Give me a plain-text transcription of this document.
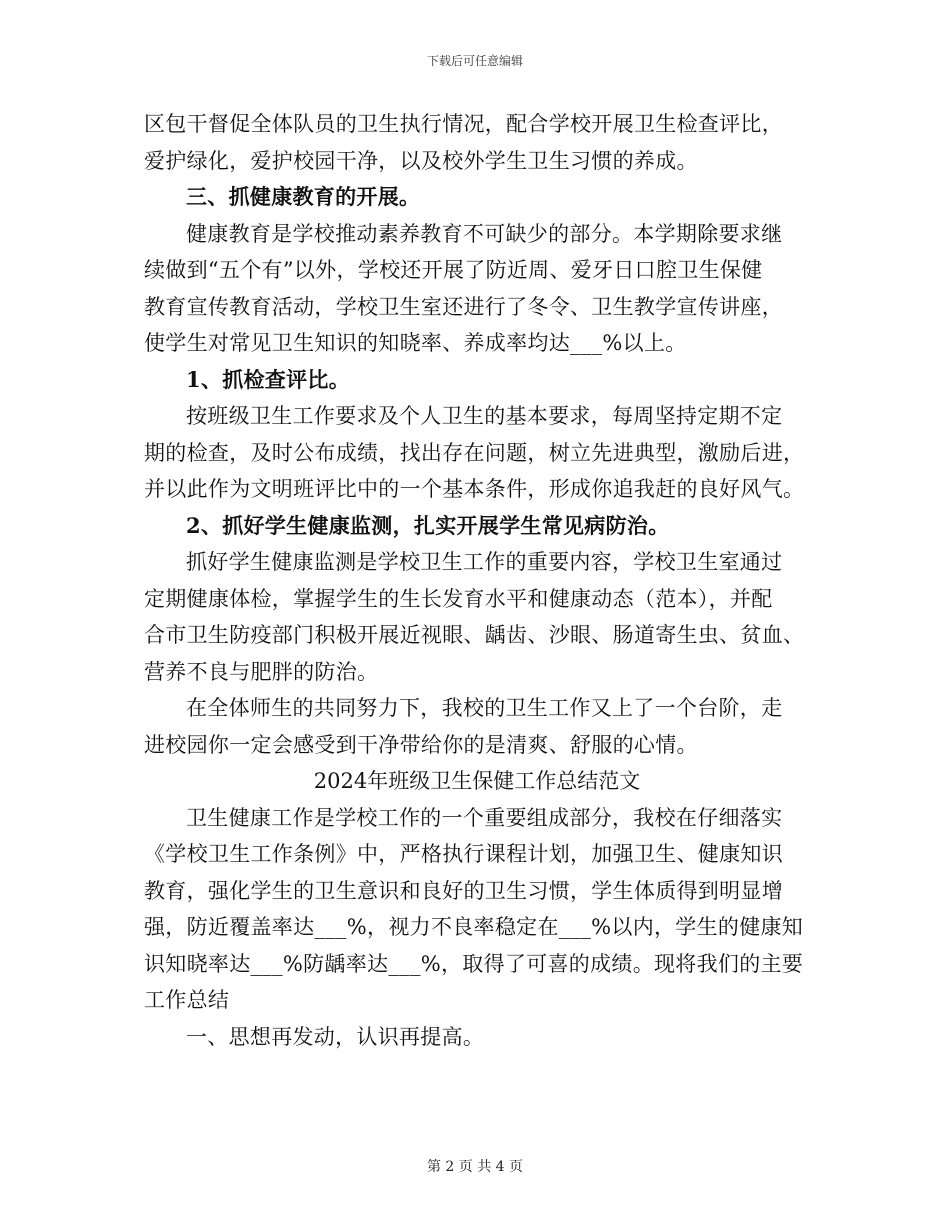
下载后可任意编辑
区包干督促全体队员的卫生执行情况，配合学校开展卫生检查评比，
爱护绿化，爱护校园干净，以及校外学生卫生习惯的养成。
三、抓健康教育的开展。
健康教育是学校推动素养教育不可缺少的部分。本学期除要求继
续做到“五个有”以外，学校还开展了防近周、爱牙日口腔卫生保健
教育宣传教育活动，学校卫生室还进行了冬令、卫生教学宣传讲座，
使学生对常见卫生知识的知晓率、养成率均达___%以上。
1、抓检查评比。
按班级卫生工作要求及个人卫生的基本要求，每周坚持定期不定
期的检查，及时公布成绩，找出存在问题，树立先进典型，激励后进，
并以此作为文明班评比中的一个基本条件，形成你追我赶的良好风气。
2、抓好学生健康监测，扎实开展学生常见病防治。
抓好学生健康监测是学校卫生工作的重要内容，学校卫生室通过
定期健康体检，掌握学生的生长发育水平和健康动态（范本），并配
合市卫生防疫部门积极开展近视眼、龋齿、沙眼、肠道寄生虫、贫血、
营养不良与肥胖的防治。
在全体师生的共同努力下，我校的卫生工作又上了一个台阶，走
进校园你一定会感受到干净带给你的是清爽、舒服的心情。
2024年班级卫生保健工作总结范文
卫生健康工作是学校工作的一个重要组成部分，我校在仔细落实
《学校卫生工作条例》中，严格执行课程计划，加强卫生、健康知识
教育，强化学生的卫生意识和良好的卫生习惯，学生体质得到明显增
强，防近覆盖率达___%，视力不良率稳定在___%以内，学生的健康知
识知晓率达___%防龋率达___%，取得了可喜的成绩。现将我们的主要
工作总结
一、思想再发动，认识再提高。
第 2 页 共 4 页
